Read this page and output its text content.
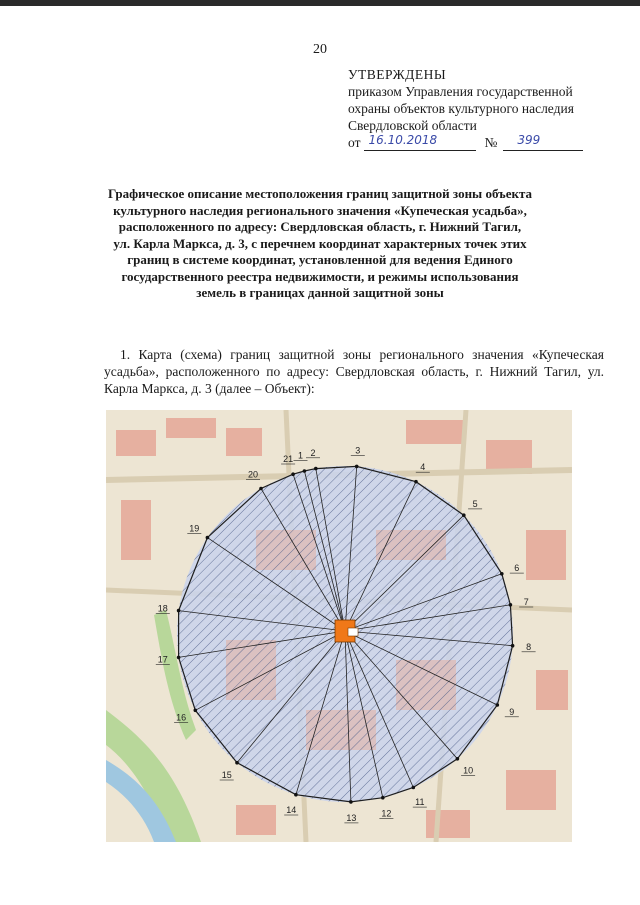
20
УТВЕРЖДЕНЫ
приказом Управления государственной
охраны объектов культурного наследия
Свердловской области
от 16.10.2018	№ 399
Графическое описание местоположения границ защитной зоны объекта
культурного наследия регионального значения «Купеческая усадьба»,
расположенного по адресу: Свердловская область, г. Нижний Тагил,
ул. Карла Маркса, д. 3, с перечнем координат характерных точек этих
границ в системе координат, установленной для ведения Единого
государственного реестра недвижимости, и режимы использования
земель в границах данной защитной зоны
1. Карта (схема) границ защитной зоны регионального значения «Купеческая усадьба», расположенного по адресу: Свердловская область, г. Нижний Тагил, ул. Карла Маркса, д. 3 (далее – Объект):
1 2	3
4
5
6
7
8
9
10
11
12
13
14
15
16
17
18
19
20
21
